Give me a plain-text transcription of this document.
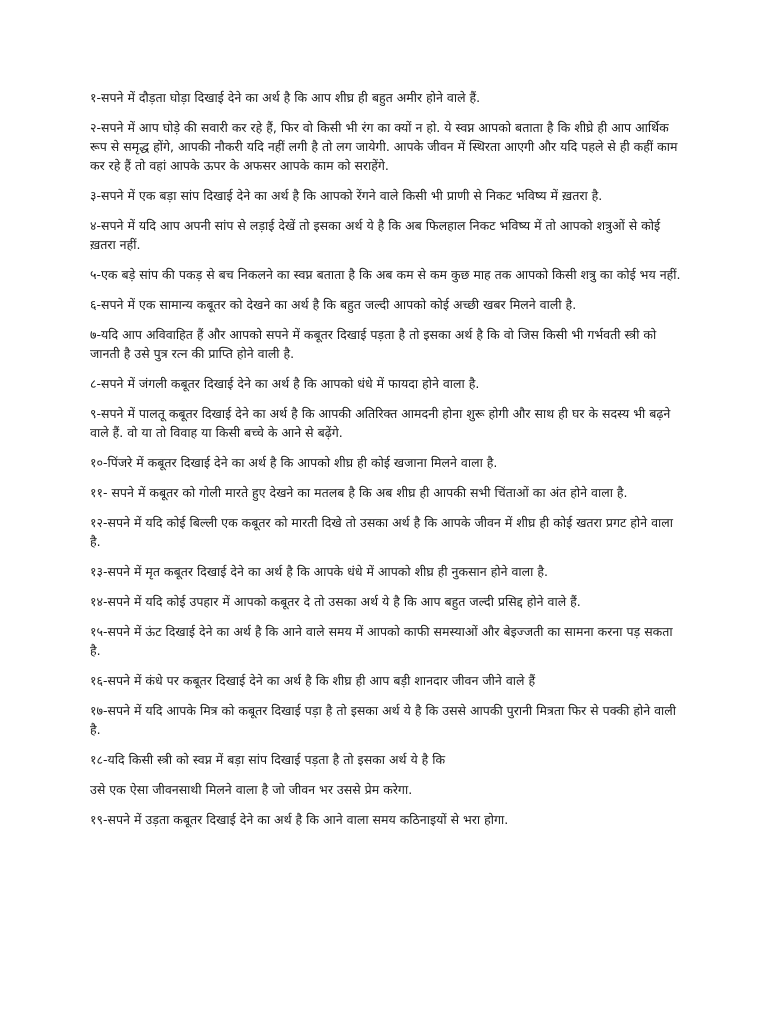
१-सपने में दौड़ता घोड़ा दिखाई देने का अर्थ है कि आप शीघ्र ही बहुत अमीर होने वाले हैं.

२-सपने में आप घोड़े की सवारी कर रहे हैं, फिर वो किसी भी रंग का क्यों न हो. ये स्वप्न आपको बताता है कि शीघ्रे ही आप आर्थिक रूप से समृद्ध होंगे, आपकी नौकरी यदि नहीं लगी है तो लग जायेगी. आपके जीवन में स्थिरता आएगी और यदि पहले से ही कहीं काम कर रहे हैं तो वहां आपके ऊपर के अफसर आपके काम को सराहेंगे.

३-सपने में एक बड़ा सांप दिखाई देने का अर्थ है कि आपको रेंगने वाले किसी भी प्राणी से निकट भविष्य में ख़तरा है.

४-सपने में यदि आप अपनी सांप से लड़ाई देखें तो इसका अर्थ ये है कि अब फिलहाल निकट भविष्य में तो आपको शत्रुओं से कोई ख़तरा नहीं.

५-एक बड़े सांप की पकड़ से बच निकलने का स्वप्न बताता है कि अब कम से कम कुछ माह तक आपको किसी शत्रु का कोई भय नहीं.

६-सपने में एक सामान्य कबूतर को देखने का अर्थ है कि बहुत जल्दी आपको कोई अच्छी खबर मिलने वाली है.

७-यदि आप अविवाहित हैं और आपको सपने में कबूतर दिखाई पड़ता है तो इसका अर्थ है कि वो जिस किसी भी गर्भवती स्त्री को जानती है उसे पुत्र रत्न की प्राप्ति होने वाली है.

८-सपने में जंगली कबूतर दिखाई देने का अर्थ है कि आपको धंधे में फायदा होने वाला है.

९-सपने में पालतू कबूतर दिखाई देने का अर्थ है कि आपकी अतिरिक्त आमदनी होना शुरू होगी और साथ ही घर के सदस्य भी बढ़ने वाले हैं. वो या तो विवाह या किसी बच्चे के आने से बढ़ेंगे.

१०-पिंजरे में कबूतर दिखाई देने का अर्थ है कि आपको शीघ्र ही कोई खजाना मिलने वाला है.

११- सपने में कबूतर को गोली मारते हुए देखने का मतलब है कि अब शीघ्र ही आपकी सभी चिंताओं का अंत होने वाला है.

१२-सपने में यदि कोई बिल्ली एक कबूतर को मारती दिखे तो उसका अर्थ है कि आपके जीवन में शीघ्र ही कोई खतरा प्रगट होने वाला है.

१३-सपने में मृत कबूतर दिखाई देने का अर्थ है कि आपके धंधे में आपको शीघ्र ही नुकसान होने वाला है.

१४-सपने में यदि कोई उपहार में आपको कबूतर दे तो उसका अर्थ ये है कि आप बहुत जल्दी प्रसिद्द होने वाले हैं.

१५-सपने में ऊंट दिखाई देने का अर्थ है कि आने वाले समय में आपको काफी समस्याओं और बेइज्जती का सामना करना पड़ सकता है.

१६-सपने में कंधे पर कबूतर दिखाई देने का अर्थ है कि शीघ्र ही आप बड़ी शानदार जीवन जीने वाले हैं

१७-सपने में यदि आपके मित्र को कबूतर दिखाई पड़ा है तो इसका अर्थ ये है कि उससे आपकी पुरानी मित्रता फिर से पक्की होने वाली है.

१८-यदि किसी स्त्री को स्वप्न में बड़ा सांप दिखाई पड़ता है तो इसका अर्थ ये है कि

उसे एक ऐसा जीवनसाथी मिलने वाला है जो जीवन भर उससे प्रेम करेगा.

१९-सपने में उड़ता कबूतर दिखाई देने का अर्थ है कि आने वाला समय कठिनाइयों से भरा होगा.
